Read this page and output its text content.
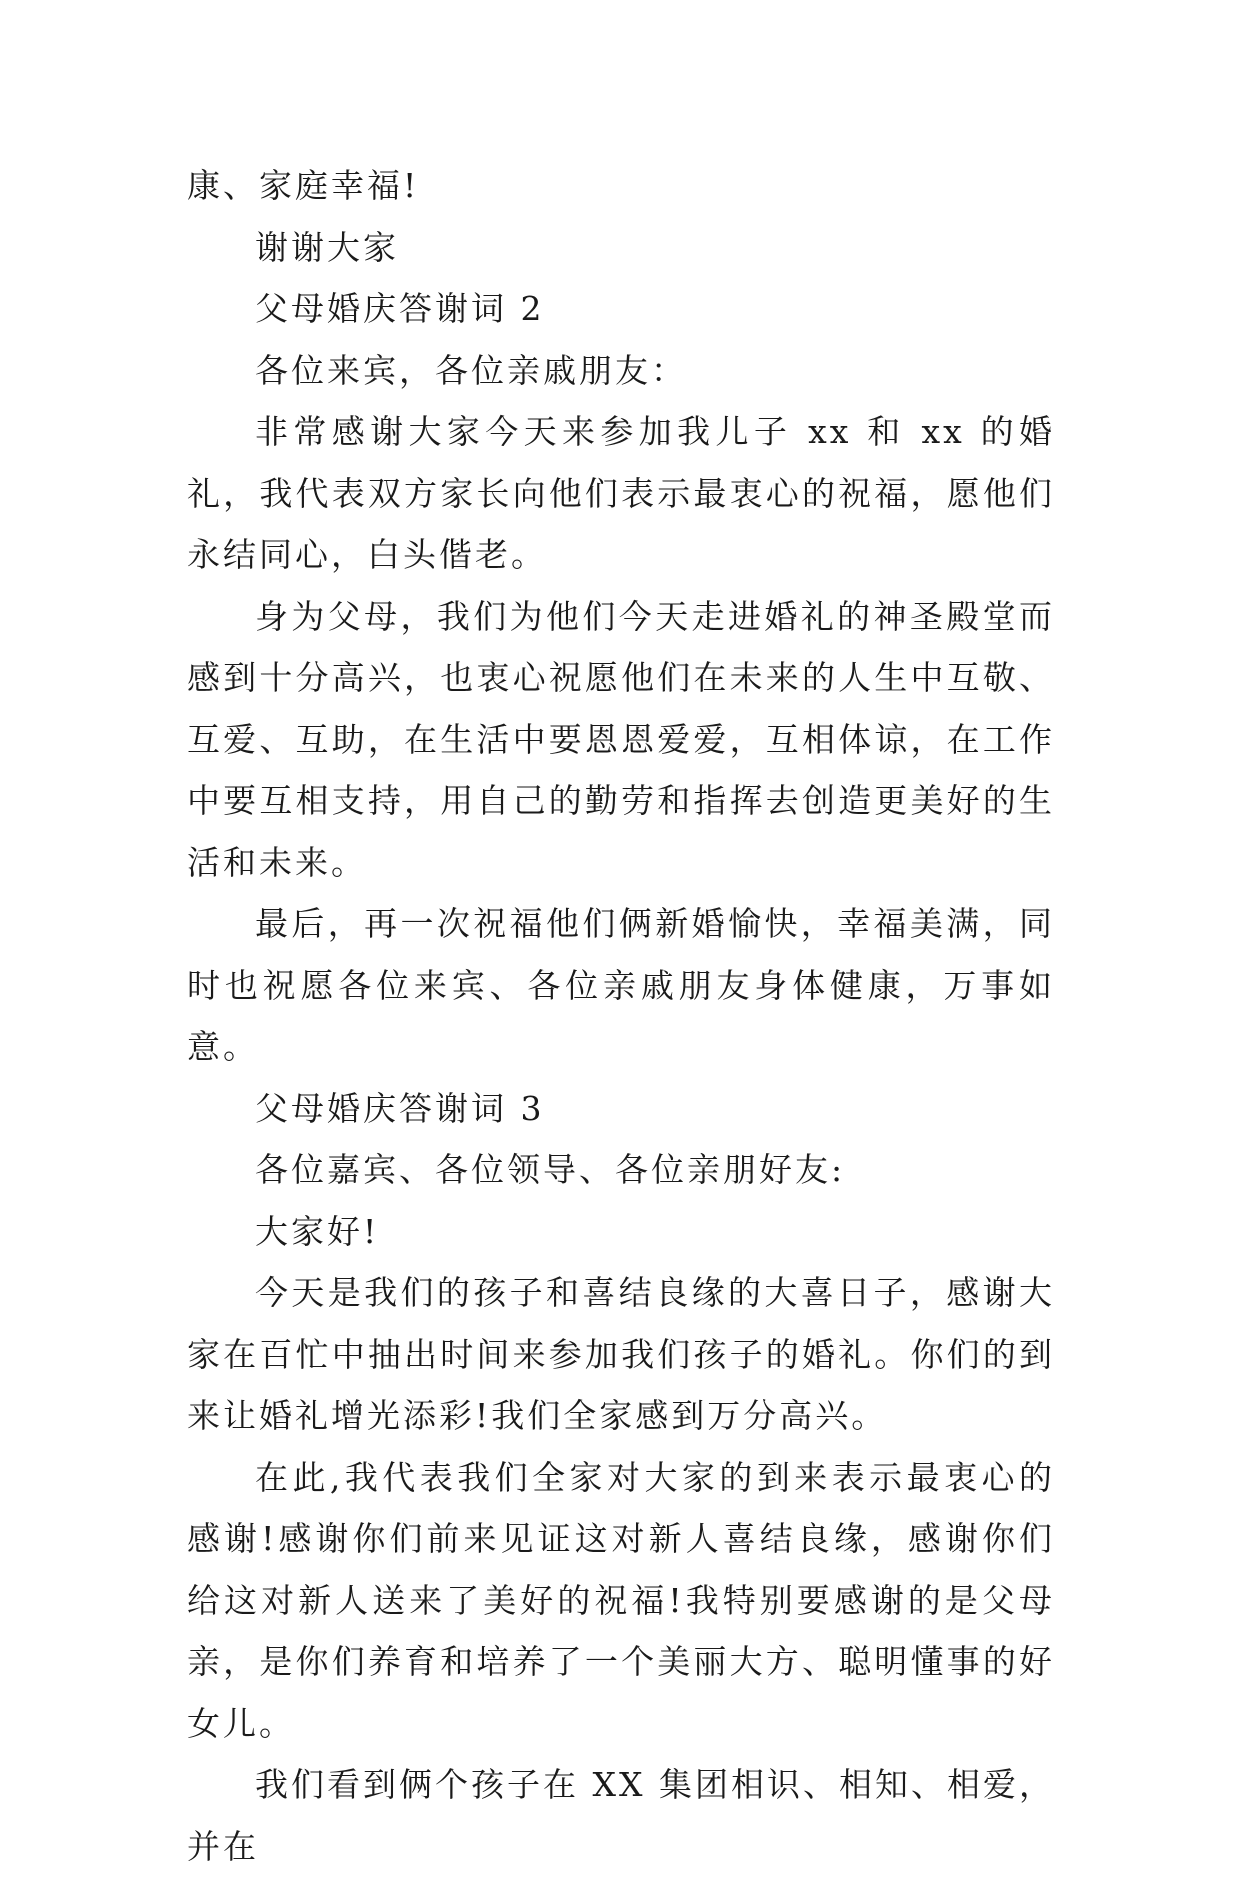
康、家庭幸福!

谢谢大家

父母婚庆答谢词 2

各位来宾，各位亲戚朋友：

非常感谢大家今天来参加我儿子 xx 和 xx 的婚礼，我代表双方家长向他们表示最衷心的祝福，愿他们永结同心，白头偕老。

身为父母，我们为他们今天走进婚礼的神圣殿堂而感到十分高兴，也衷心祝愿他们在未来的人生中互敬、互爱、互助，在生活中要恩恩爱爱，互相体谅，在工作中要互相支持，用自己的勤劳和指挥去创造更美好的生活和未来。

最后，再一次祝福他们俩新婚愉快，幸福美满，同时也祝愿各位来宾、各位亲戚朋友身体健康，万事如意。

父母婚庆答谢词 3

各位嘉宾、各位领导、各位亲朋好友:

大家好!

今天是我们的孩子和喜结良缘的大喜日子，感谢大家在百忙中抽出时间来参加我们孩子的婚礼。你们的到来让婚礼增光添彩!我们全家感到万分高兴。

在此,我代表我们全家对大家的到来表示最衷心的感谢!感谢你们前来见证这对新人喜结良缘，感谢你们给这对新人送来了美好的祝福!我特别要感谢的是父母亲，是你们养育和培养了一个美丽大方、聪明懂事的好女儿。

我们看到俩个孩子在 XX 集团相识、相知、相爱，并在
